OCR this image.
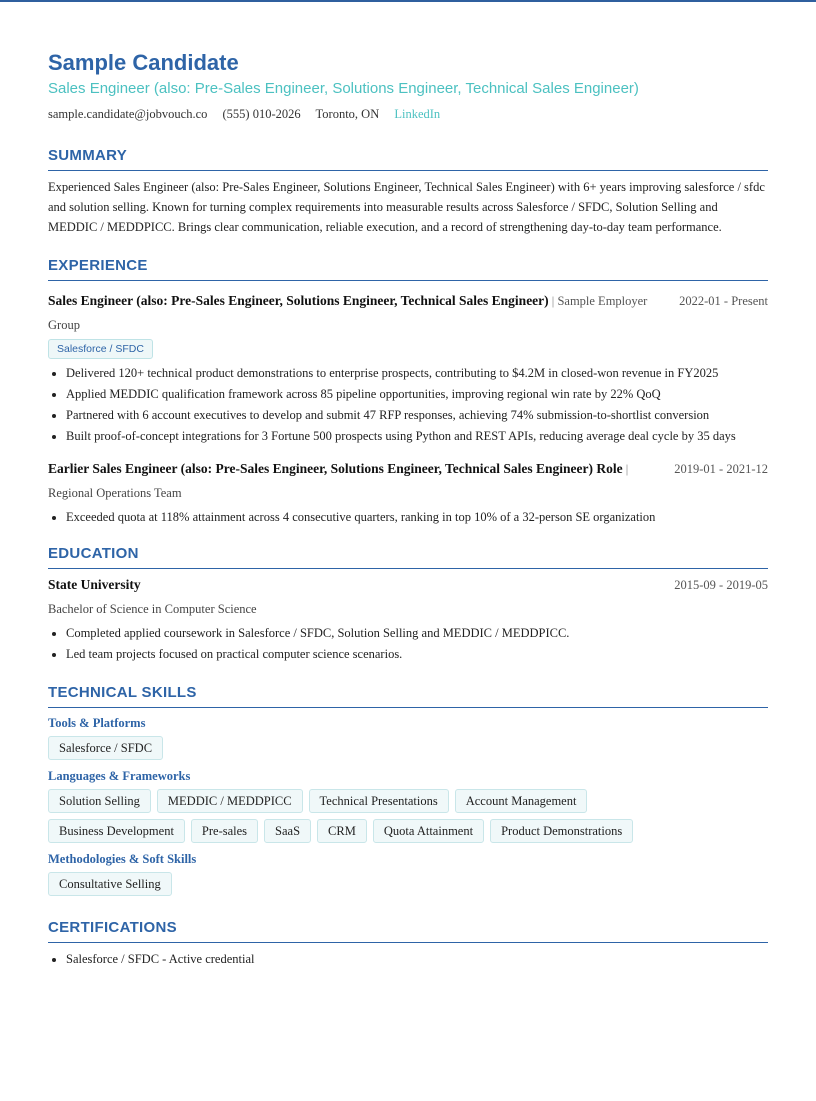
Sample Candidate
Sales Engineer (also: Pre-Sales Engineer, Solutions Engineer, Technical Sales Engineer)
sample.candidate@jobvouch.co (555) 010-2026 Toronto, ON LinkedIn
SUMMARY
Experienced Sales Engineer (also: Pre-Sales Engineer, Solutions Engineer, Technical Sales Engineer) with 6+ years improving salesforce / sfdc and solution selling. Known for turning complex requirements into measurable results across Salesforce / SFDC, Solution Selling and MEDDIC / MEDDPICC. Brings clear communication, reliable execution, and a record of strengthening day-to-day team performance.
EXPERIENCE
Sales Engineer (also: Pre-Sales Engineer, Solutions Engineer, Technical Sales Engineer) | Sample Employer	2022-01 - Present
Group
Salesforce / SFDC
• Delivered 120+ technical product demonstrations to enterprise prospects, contributing to $4.2M in closed-won revenue in FY2025
• Applied MEDDIC qualification framework across 85 pipeline opportunities, improving regional win rate by 22% QoQ
• Partnered with 6 account executives to develop and submit 47 RFP responses, achieving 74% submission-to-shortlist conversion
• Built proof-of-concept integrations for 3 Fortune 500 prospects using Python and REST APIs, reducing average deal cycle by 35 days
Earlier Sales Engineer (also: Pre-Sales Engineer, Solutions Engineer, Technical Sales Engineer) Role |	2019-01 - 2021-12
Regional Operations Team
• Exceeded quota at 118% attainment across 4 consecutive quarters, ranking in top 10% of a 32-person SE organization
EDUCATION
State University	2015-09 - 2019-05
Bachelor of Science in Computer Science
• Completed applied coursework in Salesforce / SFDC, Solution Selling and MEDDIC / MEDDPICC.
• Led team projects focused on practical computer science scenarios.
TECHNICAL SKILLS
Tools & Platforms
Salesforce / SFDC
Languages & Frameworks
Solution Selling	MEDDIC / MEDDPICC	Technical Presentations	Account Management
Business Development	Pre-sales	SaaS	CRM	Quota Attainment	Product Demonstrations
Methodologies & Soft Skills
Consultative Selling
CERTIFICATIONS
• Salesforce / SFDC - Active credential
